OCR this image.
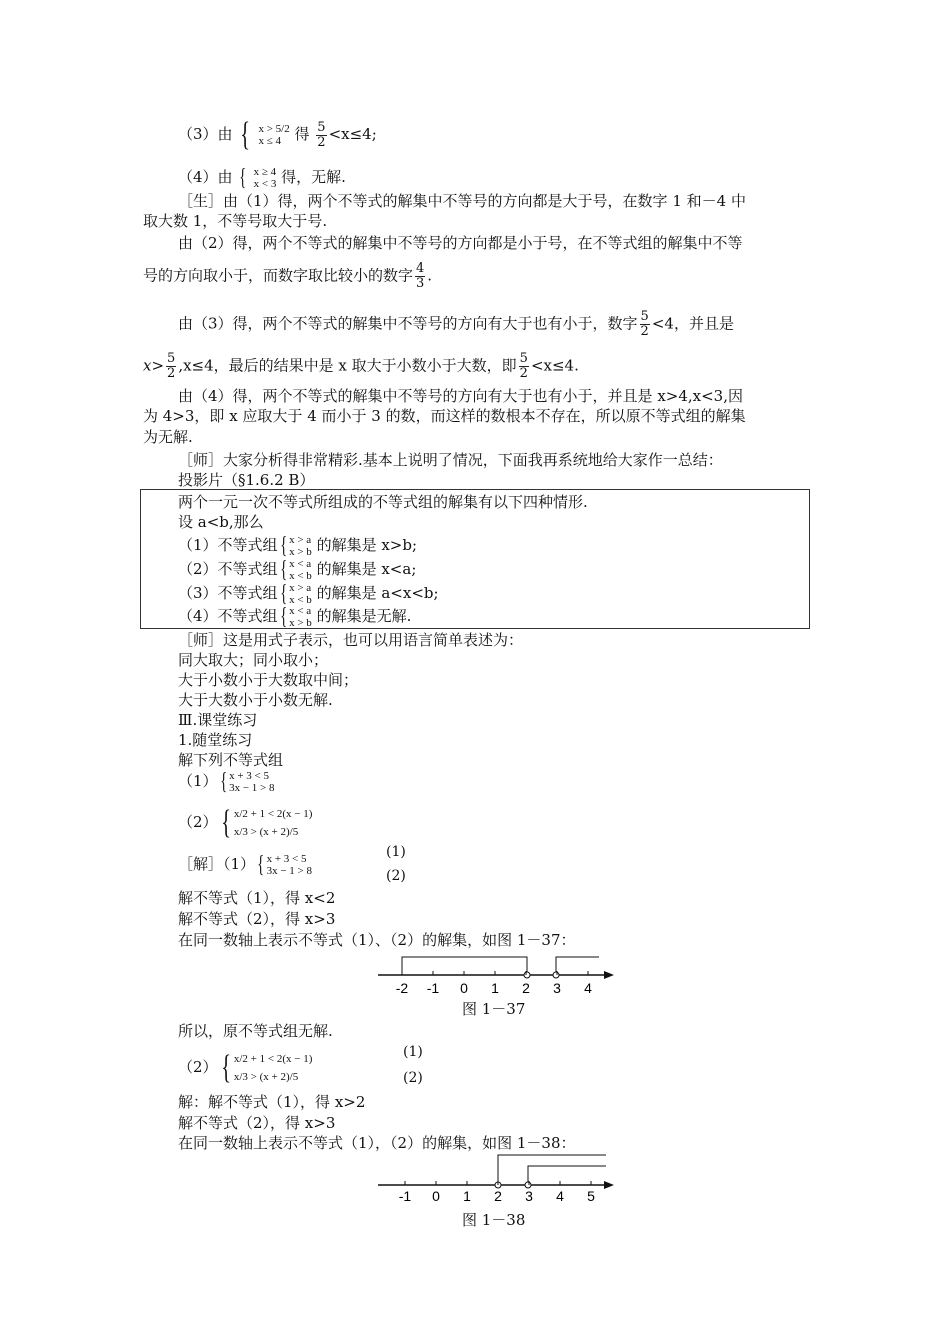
（3）由 { x > 5/2
x ≤ 4 得 $\frac{5}{2} <x\le 4$;
（4）由 { x ≥ 4
x < 3 得，无解.
［生］由（1）得，两个不等式的解集中不等号的方向都是大于号，在数字 1 和－4 中
取大数 1，不等号取大于号.
由（2）得，两个不等式的解集中不等号的方向都是小于号，在不等式组的解集中不等
号的方向取小于，而数字取比较小的数字 $\frac{4}{3}$ .
由（3）得，两个不等式的解集中不等号的方向有大于也有小于，数字 $\frac{5}{2} <4$，并且是
$x> \frac{5}{2} ,x\le 4$，最后的结果中是 x 取大于小数小于大数，即 $\frac{5}{2} <x\le 4$.
由（4）得，两个不等式的解集中不等号的方向有大于也有小于，并且是 x>4,x<3,因
为 4>3，即 x 应取大于 4 而小于 3 的数，而这样的数根本不存在，所以原不等式组的解集
为无解.
［师］大家分析得非常精彩.基本上说明了情况，下面我再系统地给大家作一总结：
投影片（§1.6.2 B）
两个一元一次不等式所组成的不等式组的解集有以下四种情形.
设 a<b,那么
（1）不等式组{ x > a
x > b 的解集是 x>b;
（2）不等式组{ x < a
x < b 的解集是 x<a;
（3）不等式组{ x > a
x < b 的解集是 a<x<b;
（4）不等式组{ x < a
x > b 的解集是无解.
［师］这是用式子表示，也可以用语言简单表述为：
同大取大；同小取小；
大于小数小于大数取中间；
大于大数小于小数无解.
Ⅲ.课堂练习
1.随堂练习
解下列不等式组
（1）{ x + 3 < 5
3x − 1 > 8
（2）{ x/2 + 1 < 2(x − 1)
x/3 > (x + 2)/5
［解］（1）{ x + 3 < 5
3x − 1 > 8
(1)
(2)
解不等式（1），得 x<2
解不等式（2），得 x>3
在同一数轴上表示不等式（1）、（2）的解集，如图 1－37：
-2 -1 0 1 2 3 4
图 1－37
所以，原不等式组无解.
（2）{ x/2 + 1 < 2(x − 1)
x/3 > (x + 2)/5
(1)
(2)
解：解不等式（1），得 x>2
解不等式（2），得 x>3
在同一数轴上表示不等式（1），（2）的解集，如图 1－38：
-1 0 1 2 3 4 5
图 1－38
